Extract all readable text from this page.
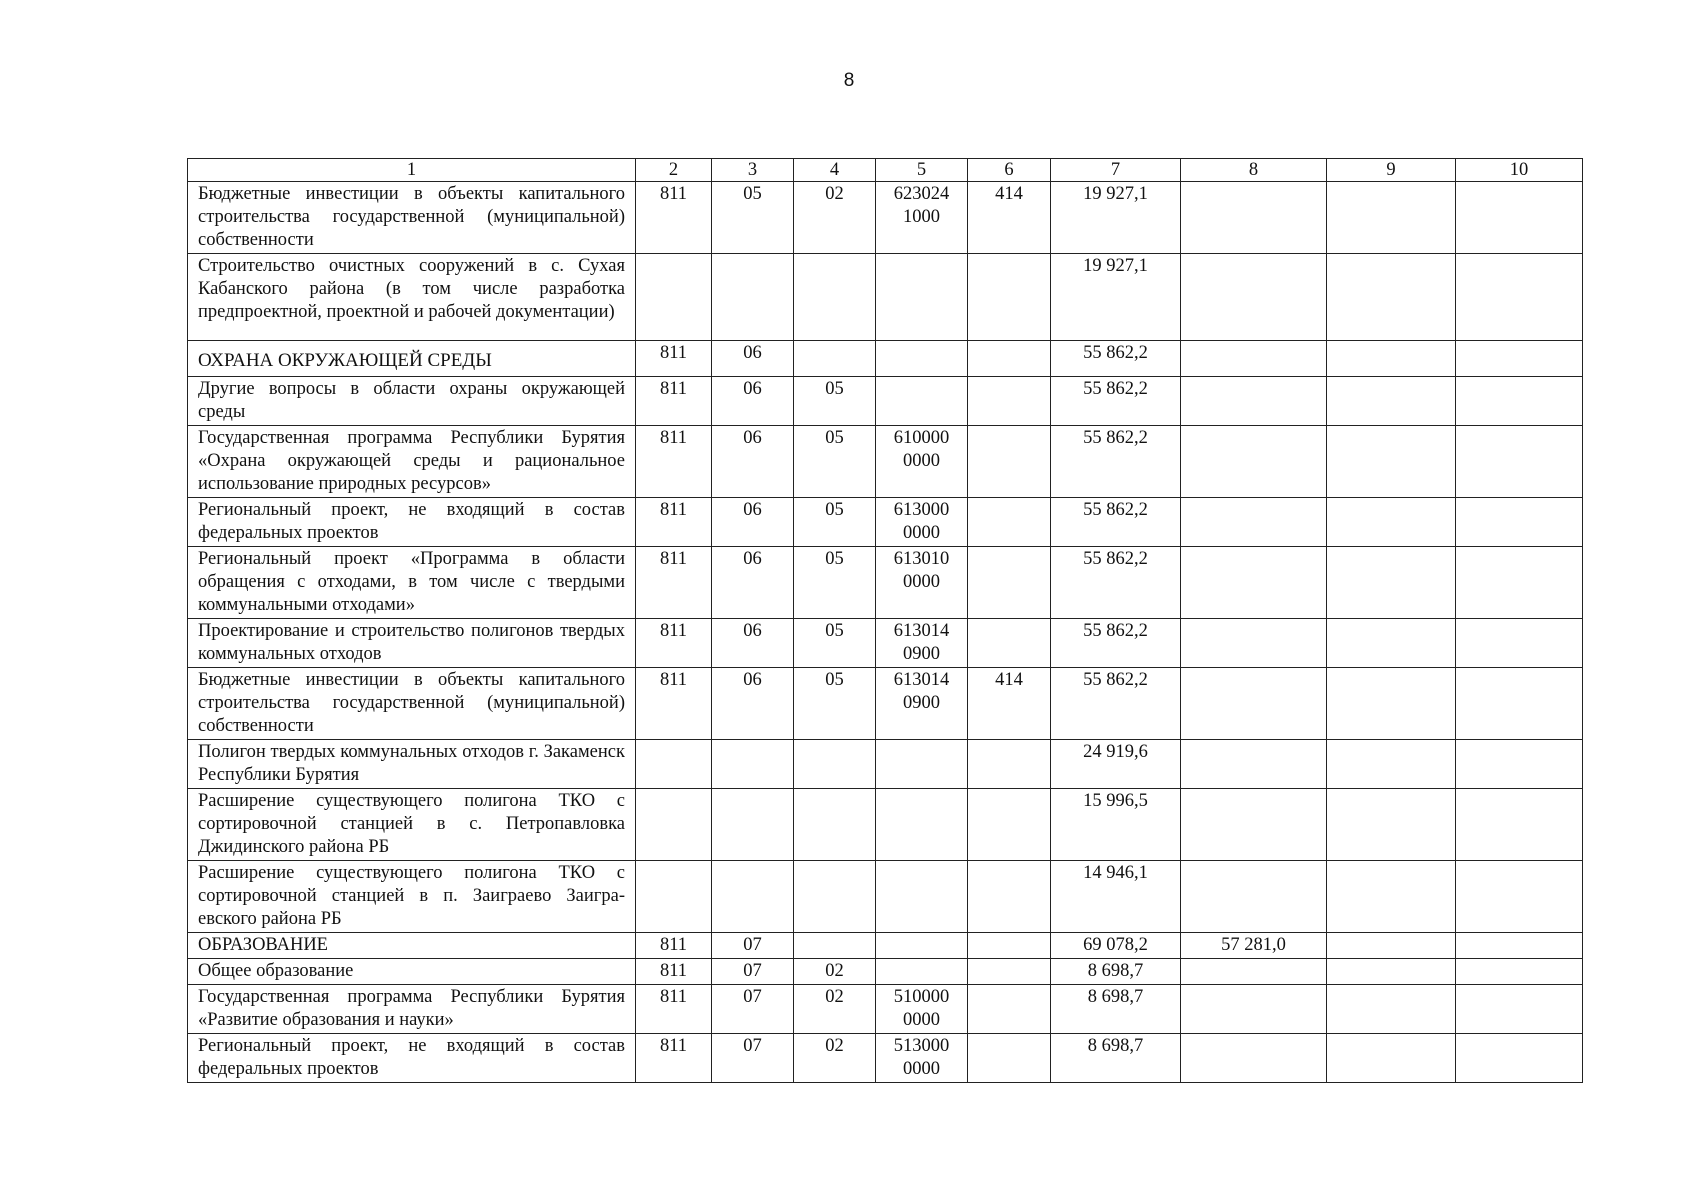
8
1	2	3	4	5	6	7	8	9	10
Бюджетные инвестиции в объекты капитального строительства государственной (муниципальной) собственности	811	05	02	623024 1000	414	19 927,1			
Строительство очистных сооружений в с. Сухая Кабанского района (в том числе разработка предпроектной, проектной и рабочей документации)						19 927,1			
ОХРАНА ОКРУЖАЮЩЕЙ СРЕДЫ	811	06				55 862,2			
Другие вопросы в области охраны окружающей среды	811	06	05			55 862,2			
Государственная программа Республики Бурятия «Охрана окружающей среды и рациональное использование природных ресурсов»	811	06	05	610000 0000		55 862,2			
Региональный проект, не входящий в состав федеральных проектов	811	06	05	613000 0000		55 862,2			
Региональный проект «Программа в области обращения с отходами, в том числе с твердыми коммунальными отходами»	811	06	05	613010 0000		55 862,2			
Проектирование и строительство полигонов твердых коммунальных отходов	811	06	05	613014 0900		55 862,2			
Бюджетные инвестиции в объекты капитального строительства государственной (муниципальной) собственности	811	06	05	613014 0900	414	55 862,2			
Полигон твердых коммунальных отходов г. Закаменск Республики Бурятия						24 919,6			
Расширение существующего полигона ТКО с сортировочной станцией в с. Петропавловка Джидинского района РБ						15 996,5			
Расширение существующего полигона ТКО с сортировочной станцией в п. Заиграево Заиграевского района РБ						14 946,1			
ОБРАЗОВАНИЕ	811	07				69 078,2	57 281,0		
Общее образование	811	07	02			8 698,7			
Государственная программа Республики Бурятия «Развитие образования и науки»	811	07	02	510000 0000		8 698,7			
Региональный проект, не входящий в состав федеральных проектов	811	07	02	513000 0000		8 698,7			
